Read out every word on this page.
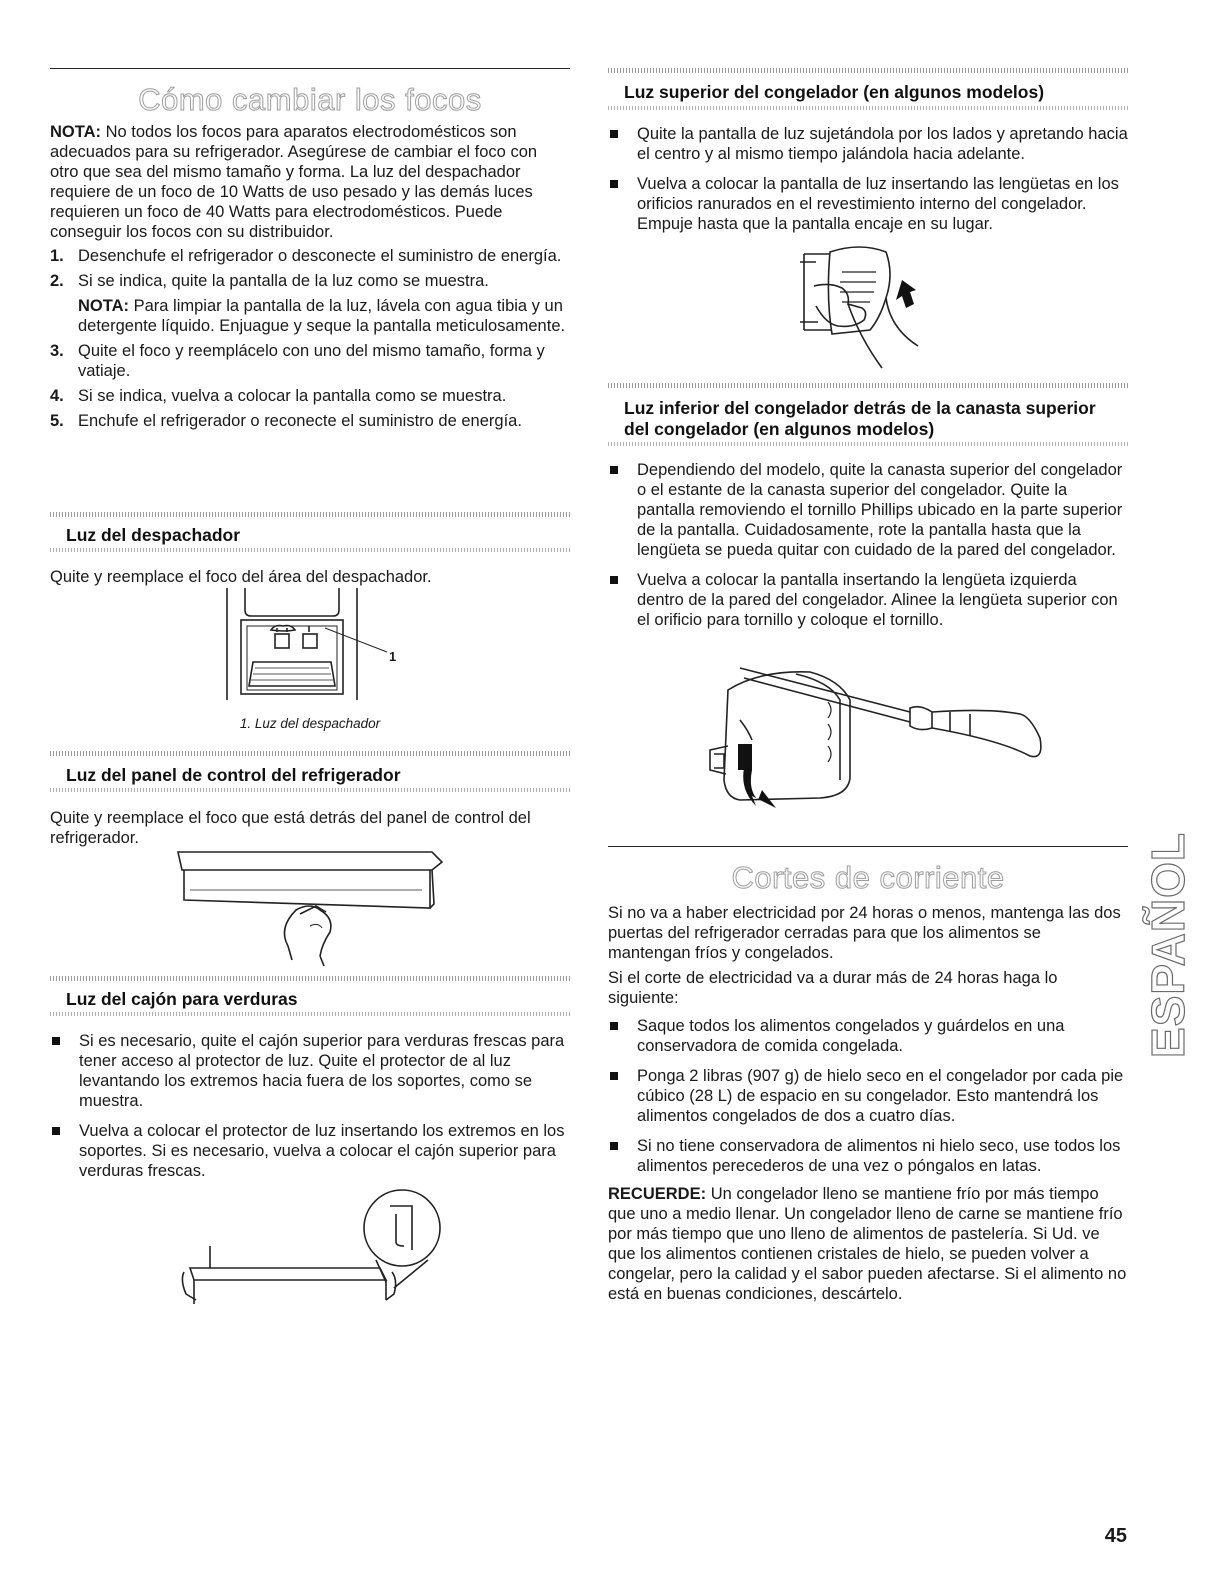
Cómo cambiar los focos

NOTA: No todos los focos para aparatos electrodomésticos son adecuados para su refrigerador. Asegúrese de cambiar el foco con otro que sea del mismo tamaño y forma. La luz del despachador requiere de un foco de 10 Watts de uso pesado y las demás luces requieren un foco de 40 Watts para electrodomésticos. Puede conseguir los focos con su distribuidor.

1. Desenchufe el refrigerador o desconecte el suministro de energía.
2. Si se indica, quite la pantalla de la luz como se muestra.

NOTA: Para limpiar la pantalla de la luz, lávela con agua tibia y un detergente líquido. Enjuague y seque la pantalla meticulosamente.

3. Quite el foco y reemplácelo con uno del mismo tamaño, forma y vatiaje.
4. Si se indica, vuelva a colocar la pantalla como se muestra.
5. Enchufe el refrigerador o reconecte el suministro de energía.
Luz del despachador

Quite y reemplace el foco del área del despachador.

1
1. Luz del despachador
Luz del panel de control del refrigerador

Quite y reemplace el foco que está detrás del panel de control del refrigerador.

Luz del cajón para verduras
Si es necesario, quite el cajón superior para verduras frescas para tener acceso al protector de luz. Quite el protector de al luz levantando los extremos hacia fuera de los soportes, como se muestra.
Vuelva a colocar el protector de luz insertando los extremos en los soportes. Si es necesario, vuelva a colocar el cajón superior para verduras frescas.
Luz superior del congelador (en algunos modelos)
Quite la pantalla de luz sujetándola por los lados y apretando hacia el centro y al mismo tiempo jalándola hacia adelante.
Vuelva a colocar la pantalla de luz insertando las lengüetas en los orificios ranurados en el revestimiento interno del congelador. Empuje hasta que la pantalla encaje en su lugar.
Luz inferior del congelador detrás de la canasta superior
del congelador (en algunos modelos)
Dependiendo del modelo, quite la canasta superior del congelador o el estante de la canasta superior del congelador. Quite la pantalla removiendo el tornillo Phillips ubicado en la parte superior de la pantalla. Cuidadosamente, rote la pantalla hasta que la lengüeta se pueda quitar con cuidado de la pared del congelador.
Vuelva a colocar la pantalla insertando la lengüeta izquierda dentro de la pared del congelador. Alinee la lengüeta superior con el orificio para tornillo y coloque el tornillo.
Cortes de corriente

Si no va a haber electricidad por 24 horas o menos, mantenga las dos puertas del refrigerador cerradas para que los alimentos se mantengan fríos y congelados.

Si el corte de electricidad va a durar más de 24 horas haga lo siguiente:

Saque todos los alimentos congelados y guárdelos en una conservadora de comida congelada.
Ponga 2 libras (907 g) de hielo seco en el congelador por cada pie cúbico (28 L) de espacio en su congelador. Esto mantendrá los alimentos congelados de dos a cuatro días.
Si no tiene conservadora de alimentos ni hielo seco, use todos los alimentos perecederos de una vez o póngalos en latas.

RECUERDE: Un congelador lleno se mantiene frío por más tiempo que uno a medio llenar. Un congelador lleno de carne se mantiene frío por más tiempo que uno lleno de alimentos de pastelería. Si Ud. ve que los alimentos contienen cristales de hielo, se pueden volver a congelar, pero la calidad y el sabor pueden afectarse. Si el alimento no está en buenas condiciones, descártelo.

ESPAÑOL
45
